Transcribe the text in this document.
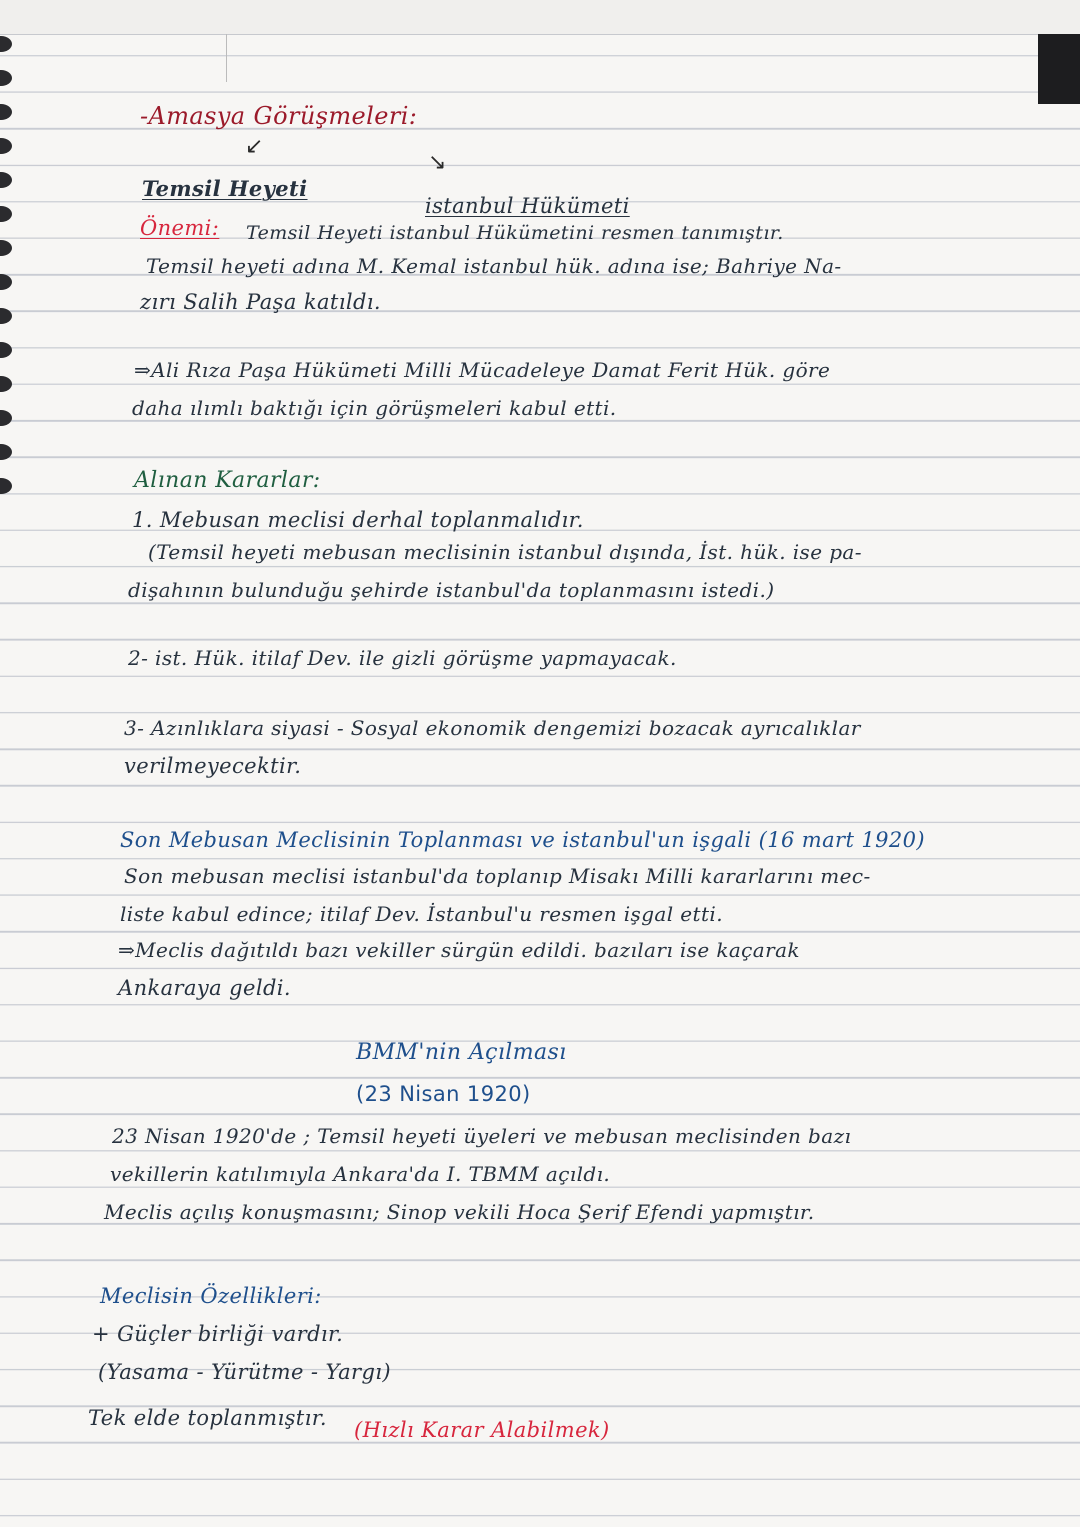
-Amasya Görüşmeleri:
↙
↘
Temsil Heyeti
istanbul Hükümeti
Önemi: Temsil Heyeti istanbul Hükümetini resmen tanımıştır.
Temsil heyeti adına M. Kemal istanbul hük. adına ise; Bahriye Na-
zırı Salih Paşa katıldı.
⇒Ali Rıza Paşa Hükümeti Milli Mücadeleye Damat Ferit Hük. göre
daha ılımlı baktığı için görüşmeleri kabul etti.
Alınan Kararlar:
1. Mebusan meclisi derhal toplanmalıdır.
(Temsil heyeti mebusan meclisinin istanbul dışında, İst. hük. ise pa-
dişahının bulunduğu şehirde istanbul'da toplanmasını istedi.)
2- ist. Hük. itilaf Dev. ile gizli görüşme yapmayacak.
3- Azınlıklara siyasi - Sosyal ekonomik dengemizi bozacak ayrıcalıklar
verilmeyecektir.
Son Mebusan Meclisinin Toplanması ve istanbul'un işgali (16 mart 1920)
Son mebusan meclisi istanbul'da toplanıp Misakı Milli kararlarını mec-
liste kabul edince; itilaf Dev. İstanbul'u resmen işgal etti.
⇒Meclis dağıtıldı bazı vekiller sürgün edildi. bazıları ise kaçarak
Ankaraya geldi.
BMM'nin Açılması
(23 Nisan 1920)
23 Nisan 1920'de ; Temsil heyeti üyeleri ve mebusan meclisinden bazı
vekillerin katılımıyla Ankara'da I. TBMM açıldı.
Meclis açılış konuşmasını; Sinop vekili Hoca Şerif Efendi yapmıştır.
Meclisin Özellikleri:
+ Güçler birliği vardır.
(Yasama - Yürütme - Yargı)
Tek elde toplanmıştır. (Hızlı Karar Alabilmek)
